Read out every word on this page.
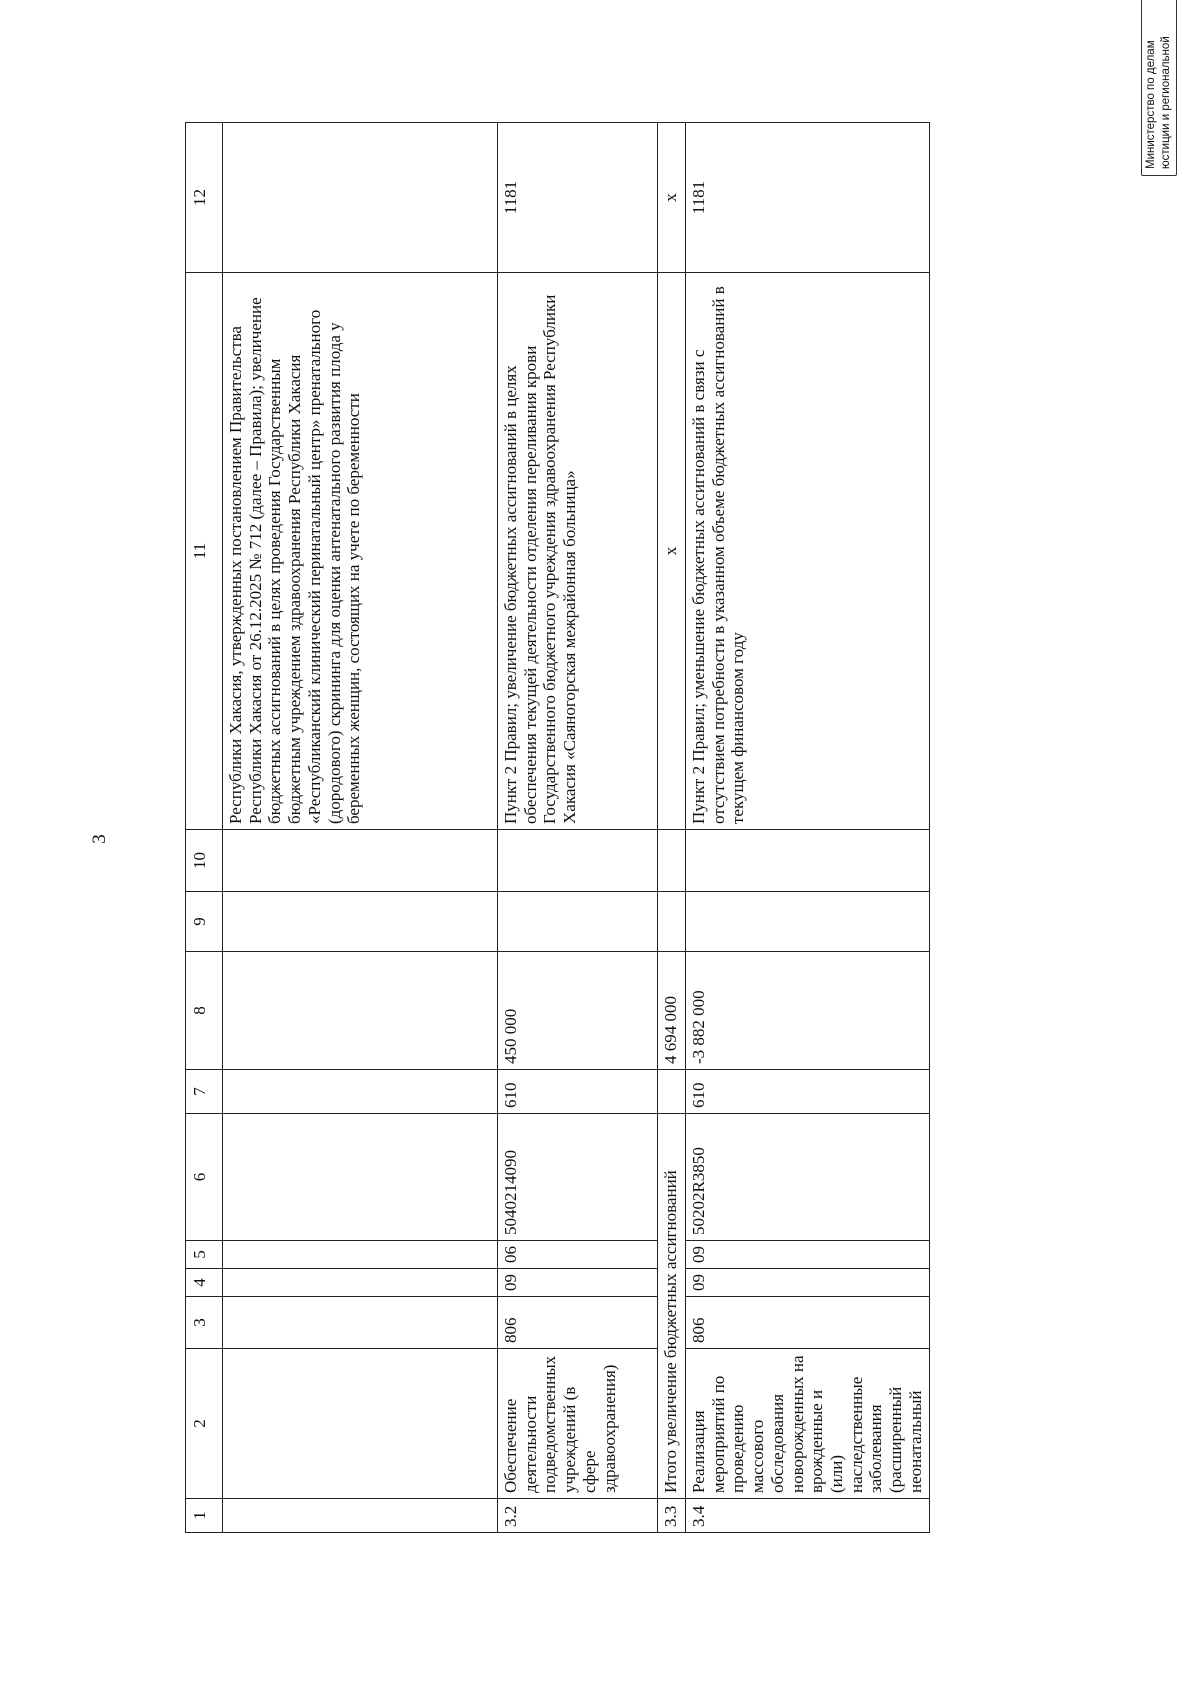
3
1	2	3	4	5	6	7	8	9	10	11	12
										Республики Хакасия, утвержденных постановлением Правительства Республики Хакасия от 26.12.2025 № 712 (далее – Правила); увеличение бюджетных ассигнований в целях проведения Государственным бюджетным учреждением здравоохранения Республики Хакасия «Республиканский клинический перинатальный центр» пренатального (дородового) скрининга для оценки антенатального развития плода у беременных женщин, состоящих на учете по беременности	
3.2	Обеспечение деятельности подведомственных учреждений (в сфере здравоохранения)	806	09	06	5040214090	610	450 000			Пункт 2 Правил; увеличение бюджетных ассигнований в целях обеспечения текущей деятельности отделения переливания крови Государственного бюджетного учреждения здравоохранения Республики Хакасия «Саяногорская межрайонная больница»	1181
3.3	Итого увеличение бюджетных ассигнований						4 694 000			x	x
3.4	Реализация мероприятий по проведению массового обследования новорожденных на врожденные и (или) наследственные заболевания (расширенный неонатальный	806	09	09	50202R3850	610	-3 882 000			Пункт 2 Правил; уменьшение бюджетных ассигнований в связи с отсутствием потребности в указанном объеме бюджетных ассигнований в текущем финансовом году	1181
Министерство по делам юстиции и региональной
